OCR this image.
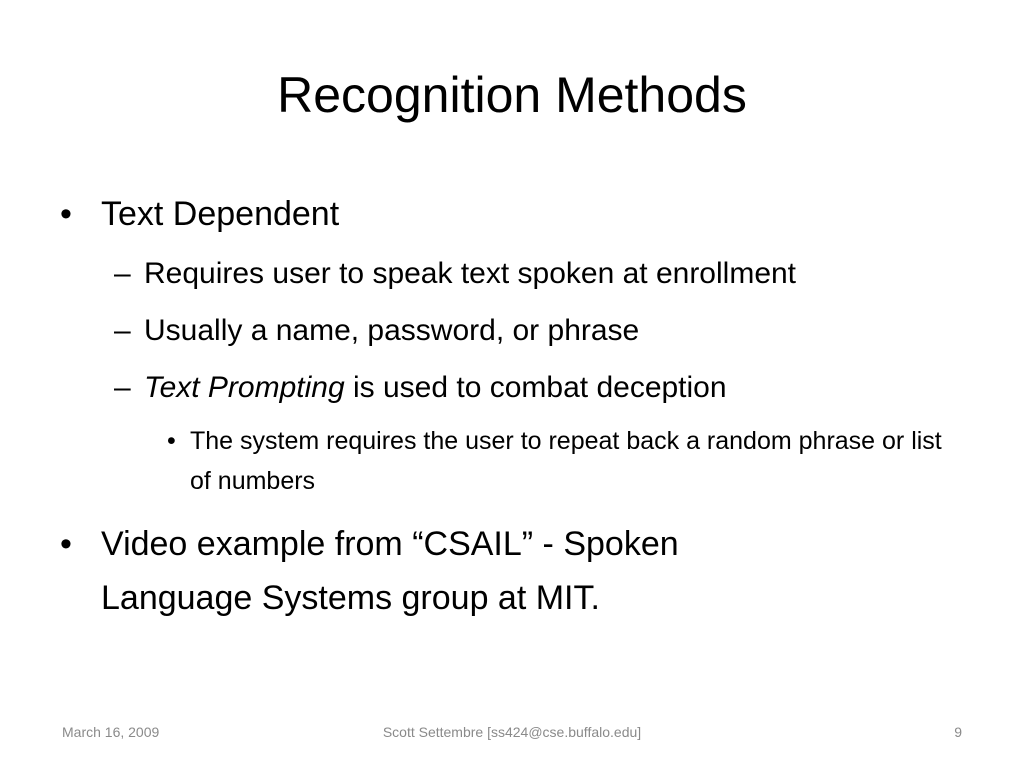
Recognition Methods
• Text Dependent
– Requires user to speak text spoken at enrollment
– Usually a name, password, or phrase
– Text Prompting is used to combat deception
• The system requires the user to repeat back a random phrase or list of numbers
• Video example from “CSAIL” - Spoken Language Systems group at MIT.
Scott Settembre [ss424@cse.buffalo.edu]
March 16, 2009	9
